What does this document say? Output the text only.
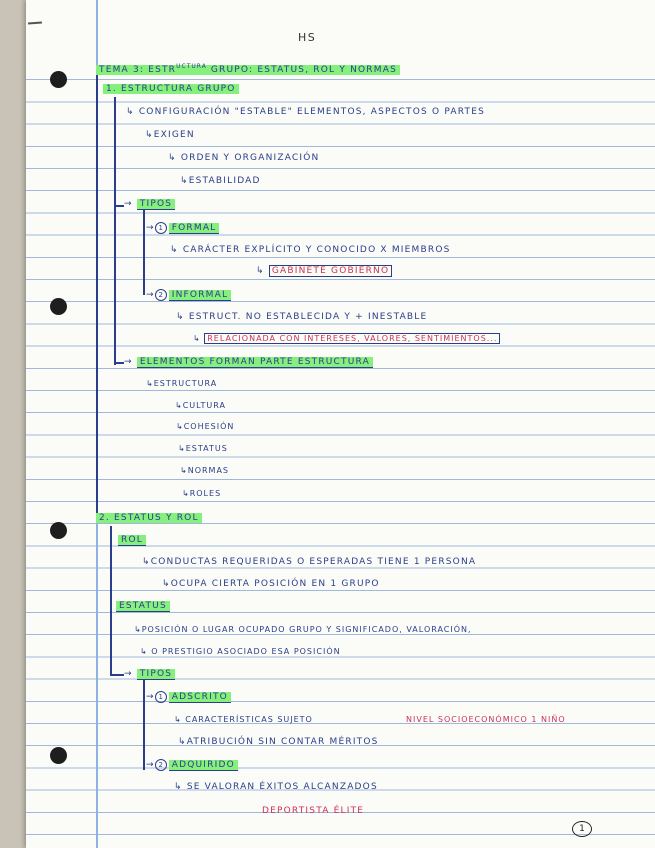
HS
TEMA 3: $ESTR^{UCTURA}$ GRUPO: ESTATUS, ROL Y NORMAS
1. ESTRUCTURA GRUPO
↳ CONFIGURACIÓN "ESTABLE" ELEMENTOS, ASPECTOS O PARTES
↳EXIGEN
↳ ORDEN Y ORGANIZACIÓN
↳ESTABILIDAD
→ TIPOS
→ 1 FORMAL
↳ CARÁCTER EXPLÍCITO Y CONOCIDO X MIEMBROS
↳ GABINETE GOBIERNO
→ 2 INFORMAL
↳ ESTRUCT. NO ESTABLECIDA Y + INESTABLE
↳ RELACIONADA CON INTERESES, VALORES, SENTIMIENTOS...
→ ELEMENTOS FORMAN PARTE ESTRUCTURA
↳ESTRUCTURA
↳CULTURA
↳COHESIÓN
↳ESTATUS
↳NORMAS
↳ROLES
2. ESTATUS Y ROL
ROL
↳CONDUCTAS REQUERIDAS O ESPERADAS TIENE 1 PERSONA
↳OCUPA CIERTA POSICIÓN EN 1 GRUPO
ESTATUS
↳POSICIÓN O LUGAR OCUPADO GRUPO Y SIGNIFICADO, VALORACIÓN,
↳ O PRESTIGIO ASOCIADO ESA POSICIÓN
→ TIPOS
→ 1 ADSCRITO
↳ CARACTERÍSTICAS SUJETO	NIVEL SOCIOECONÓMICO 1 NIÑO
↳ATRIBUCIÓN SIN CONTAR MÉRITOS
→ 2 ADQUIRIDO
↳ SE VALORAN ÉXITOS ALCANZADOS
DEPORTISTA ÉLITE
1
